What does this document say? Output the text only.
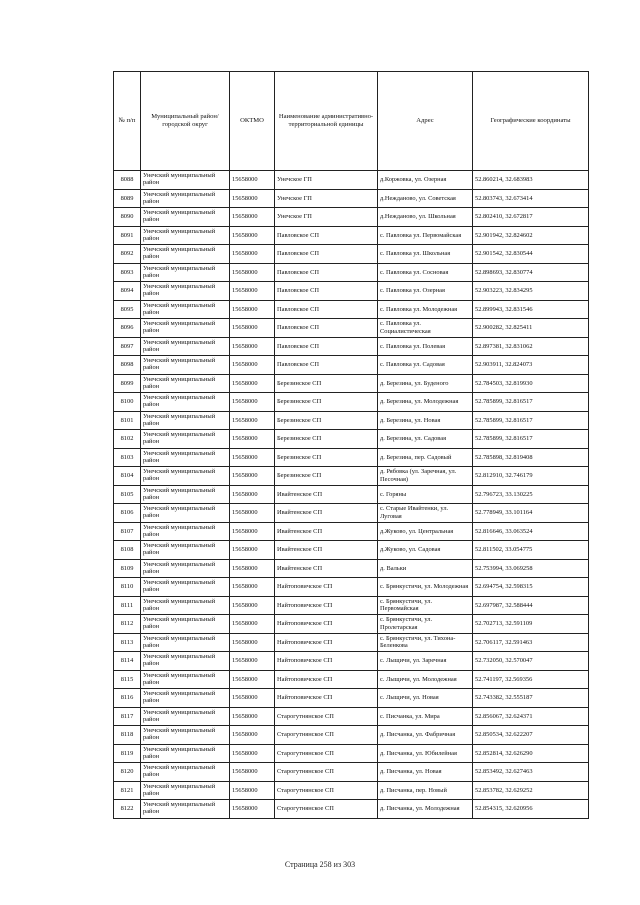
№ п/п	Муниципальный район/городской округ	ОКТМО	Наименование административно-территориальной единицы	Адрес	Географические координаты
8088	Унечский муниципальный район	15658000	Унечское ГП	д.Коржовка, ул. Озерная	52.860214, 32.683983
8089	Унечский муниципальный район	15658000	Унечское ГП	д.Нежданово, ул. Советская	52.803743, 32.673414
8090	Унечский муниципальный район	15658000	Унечское ГП	д.Нежданово, ул. Школьная	52.802410, 32.672817
8091	Унечский муниципальный район	15658000	Павловское СП	с. Павловка ул. Первомайская	52.901942, 32.824602
8092	Унечский муниципальный район	15658000	Павловское СП	с. Павловка ул. Школьная	52.901542, 32.830544
8093	Унечский муниципальный район	15658000	Павловское СП	с. Павловка ул. Сосновая	52.898693, 32.830774
8094	Унечский муниципальный район	15658000	Павловское СП	с. Павловка ул. Озерная	52.903223, 32.834295
8095	Унечский муниципальный район	15658000	Павловское СП	с. Павловка ул. Молодежная	52.899943, 32.831546
8096	Унечский муниципальный район	15658000	Павловское СП	с. Павловка ул. Социалистическая	52.900282, 32.825411
8097	Унечский муниципальный район	15658000	Павловское СП	с. Павловка ул. Полевая	52.897381, 32.831062
8098	Унечский муниципальный район	15658000	Павловское СП	с. Павловка ул. Садовая	52.903911, 32.824073
8099	Унечский муниципальный район	15658000	Березинское СП	д. Березина, ул. Буденого	52.784503, 32.819930
8100	Унечский муниципальный район	15658000	Березинское СП	д. Березина, ул. Молодежная	52.785899, 32.816517
8101	Унечский муниципальный район	15658000	Березинское СП	д. Березина, ул. Новая	52.785899, 32.816517
8102	Унечский муниципальный район	15658000	Березинское СП	д. Березина, ул. Садовая	52.785899, 32.816517
8103	Унечский муниципальный район	15658000	Березинское СП	д. Березина, пер. Садовый	52.785898, 32.819408
8104	Унечский муниципальный район	15658000	Березинское СП	д. Рябовка (ул. Заречная, ул. Песочная)	52.812910, 32.746179
8105	Унечский муниципальный район	15658000	Ивайтенское СП	с. Горяны	52.796723, 33.130225
8106	Унечский муниципальный район	15658000	Ивайтенское СП	с. Старые Ивайтенки, ул. Луговая	52.778949, 33.101164
8107	Унечский муниципальный район	15658000	Ивайтенское СП	д.Жуково, ул. Центральная	52.816646, 33.063524
8108	Унечский муниципальный район	15658000	Ивайтенское СП	д.Жуково, ул. Садовая	52.811502, 33.054775
8109	Унечский муниципальный район	15658000	Ивайтенское СП	д. Вальки	52.753994, 33.069258
8110	Унечский муниципальный район	15658000	Найтоповичское СП	с. Брянкустичи, ул. Молодежная	52.694754, 32.598315
8111	Унечский муниципальный район	15658000	Найтоповичское СП	с. Брянкустичи, ул. Первомайская	52.697987, 32.588444
8112	Унечский муниципальный район	15658000	Найтоповичское СП	с. Брянкустичи, ул. Пролетарская	52.702713, 32.591109
8113	Унечский муниципальный район	15658000	Найтоповичское СП	с. Брянкустичи, ул. Тихона-Беленкова	52.706117, 32.591463
8114	Унечский муниципальный район	15658000	Найтоповичское СП	с. Лыщичи, ул. Заречная	52.732050, 32.570047
8115	Унечский муниципальный район	15658000	Найтоповичское СП	с. Лыщичи, ул. Молодежная	52.741197, 32.569356
8116	Унечский муниципальный район	15658000	Найтоповичское СП	с. Лыщичи, ул. Новая	52.743382, 32.555187
8117	Унечский муниципальный район	15658000	Старогутнянское СП	с. Писчанка, ул. Мира	52.856067, 32.624371
8118	Унечский муниципальный район	15658000	Старогутнянское СП	д. Писчанка, ул. Фабричная	52.850534, 32.622207
8119	Унечский муниципальный район	15658000	Старогутнянское СП	д. Писчанка, ул. Юбилейная	52.852814, 32.626290
8120	Унечский муниципальный район	15658000	Старогутнянское СП	д. Писчанка, ул. Новая	52.853492, 32.627463
8121	Унечский муниципальный район	15658000	Старогутнянское СП	д. Писчанка, пер. Новый	52.853782, 32.629252
8122	Унечский муниципальный район	15658000	Старогутнянское СП	д. Писчанка, ул. Молодежная	52.854315, 32.620956
Страница 258 из 303
